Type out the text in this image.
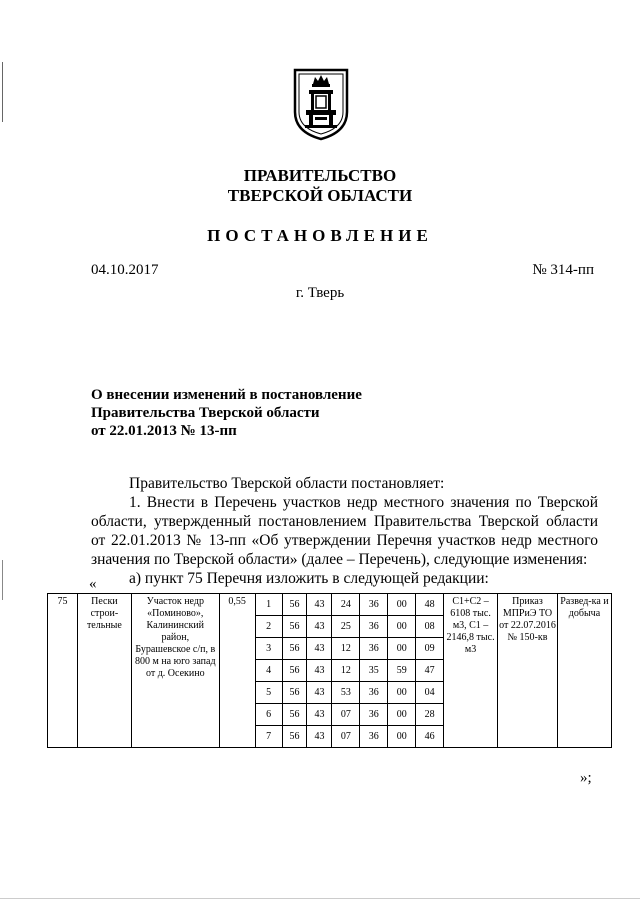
ПРАВИТЕЛЬСТВО
ТВЕРСКОЙ ОБЛАСТИ
ПОСТАНОВЛЕНИЕ
04.10.2017	№ 314-пп
г. Тверь
О внесении изменений в постановление
Правительства Тверской области
от 22.01.2013 № 13-пп

Правительство Тверской области постановляет:

1. Внести в Перечень участков недр местного значения по Тверской области, утвержденный постановлением Правительства Тверской области от 22.01.2013 № 13-пп «Об утверждении Перечня участков недр местного значения по Тверской области» (далее – Перечень), следующие изменения:

а) пункт 75 Перечня изложить в следующей редакции:

«
75	Пески строи-тельные	Участок недр «Поминово», Калининский район, Бурашевское с/п, в 800 м на юго запад от д. Осекино	0,55	1	56	43	24	36	00	48	С1+С2 – 6108 тыс. м3, С1 – 2146,8 тыс. м3	Приказ МПРиЭ ТО от 22.07.2016 № 150-кв	Развед-ка и добыча
				2	56	43	25	36	00	08			
				3	56	43	12	36	00	09			
				4	56	43	12	35	59	47			
				5	56	43	53	36	00	04			
				6	56	43	07	36	00	28			
				7	56	43	07	36	00	46			
»;
